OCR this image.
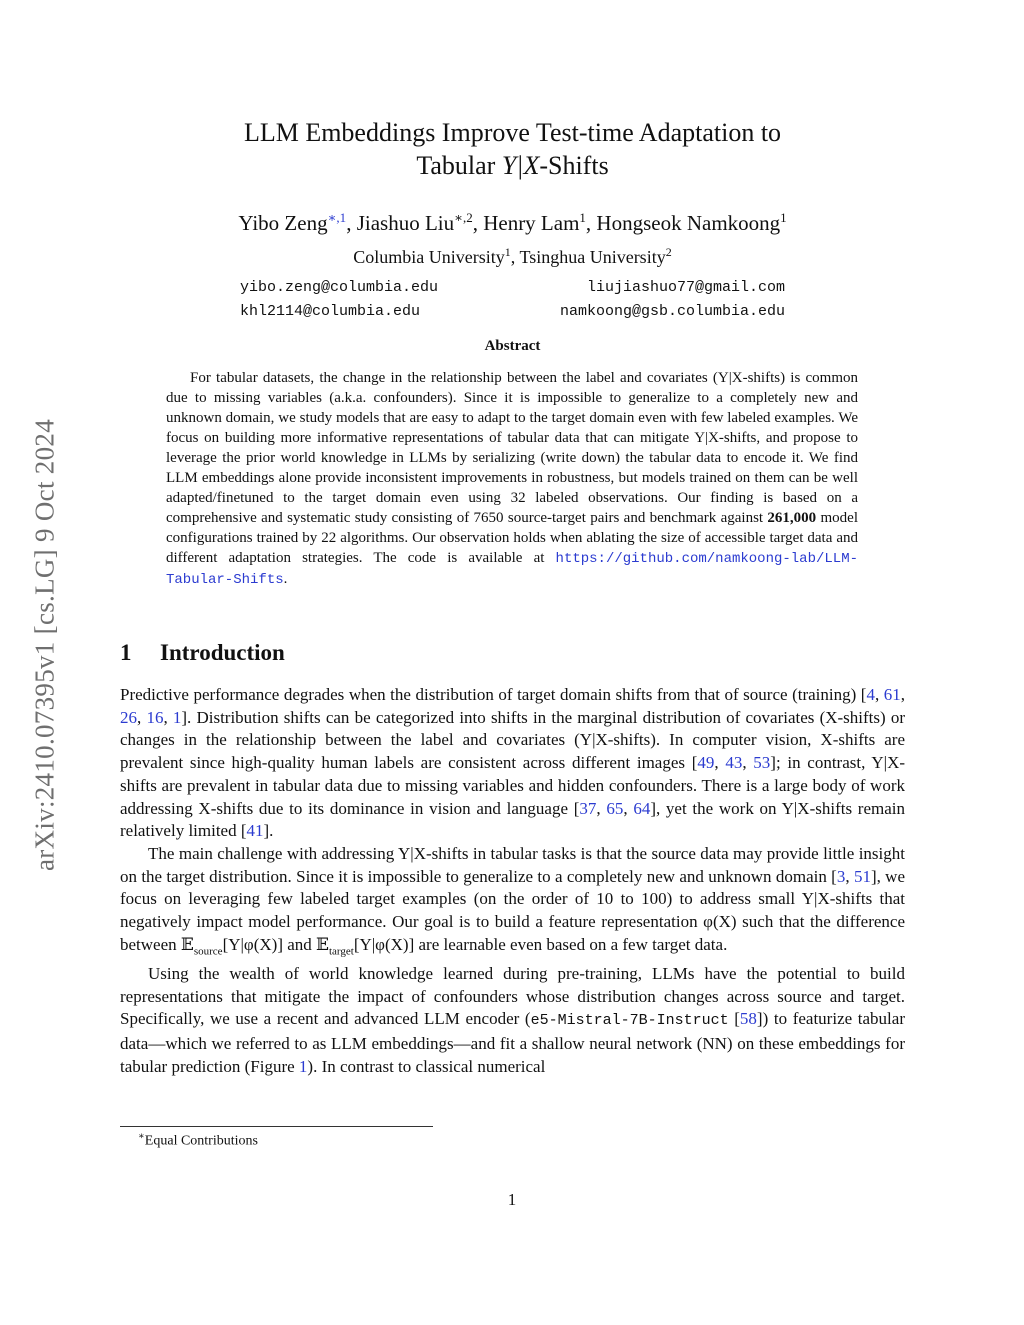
arXiv:2410.07395v1 [cs.LG] 9 Oct 2024
LLM Embeddings Improve Test-time Adaptation to
Tabular Y|X-Shifts
Yibo Zeng$^{∗,1}$, Jiashuo Liu$^{∗,2}$, Henry Lam$^1$, Hongseok Namkoong$^1$
Columbia University$^1$, Tsinghua University$^2$
yibo.zeng@columbia.edu	liujiashuo77@gmail.com
khl2114@columbia.edu	namkoong@gsb.columbia.edu
Abstract

For tabular datasets, the change in the relationship between the label and covariates (Y|X-shifts) is common due to missing variables (a.k.a. confounders). Since it is impossible to generalize to a completely new and unknown domain, we study models that are easy to adapt to the target domain even with few labeled examples. We focus on building more informative representations of tabular data that can mitigate Y|X-shifts, and propose to leverage the prior world knowledge in LLMs by serializing (write down) the tabular data to encode it. We find LLM embeddings alone provide inconsistent improvements in robustness, but models trained on them can be well adapted/finetuned to the target domain even using 32 labeled observations. Our finding is based on a comprehensive and systematic study consisting of 7650 source-target pairs and benchmark against 261,000 model configurations trained by 22 algorithms. Our observation holds when ablating the size of accessible target data and different adaptation strategies. The code is available at https://github.com/namkoong-lab/LLM-Tabular-Shifts.

1 Introduction

Predictive performance degrades when the distribution of target domain shifts from that of source (training) [4, 61, 26, 16, 1]. Distribution shifts can be categorized into shifts in the marginal distribution of covariates (X-shifts) or changes in the relationship between the label and covariates (Y|X-shifts). In computer vision, X-shifts are prevalent since high-quality human labels are consistent across different images [49, 43, 53]; in contrast, Y|X-shifts are prevalent in tabular data due to missing variables and hidden confounders. There is a large body of work addressing X-shifts due to its dominance in vision and language [37, 65, 64], yet the work on Y|X-shifts remain relatively limited [41].

The main challenge with addressing Y|X-shifts in tabular tasks is that the source data may provide little insight on the target distribution. Since it is impossible to generalize to a completely new and unknown domain [3, 51], we focus on leveraging few labeled target examples (on the order of 10 to 100) to address small Y|X-shifts that negatively impact model performance. Our goal is to build a feature representation φ(X) such that the difference between 𝔼$_{source}$[Y|φ(X)] and 𝔼$_{target}$[Y|φ(X)] are learnable even based on a few target data.

Using the wealth of world knowledge learned during pre-training, LLMs have the potential to build representations that mitigate the impact of confounders whose distribution changes across source and target. Specifically, we use a recent and advanced LLM encoder (e5-Mistral-7B-Instruct [58]) to featurize tabular data—which we referred to as LLM embeddings—and fit a shallow neural network (NN) on these embeddings for tabular prediction (Figure 1). In contrast to classical numerical

∗Equal Contributions
1
